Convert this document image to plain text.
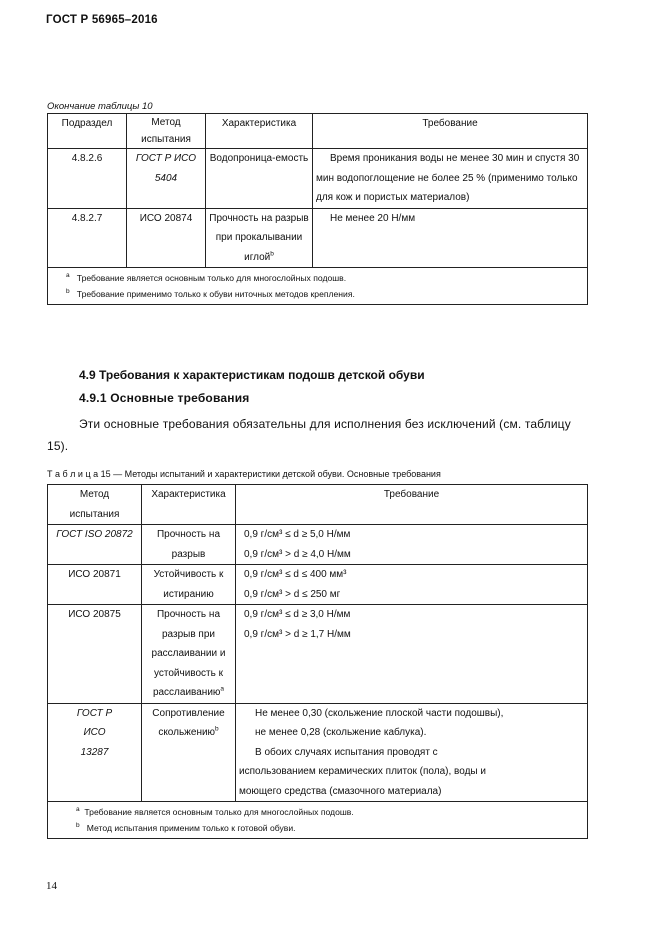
ГОСТ Р 56965–2016
Окончание таблицы 10
Подраздел	Метод испытания	Характеристика	Требование
4.8.2.6	ГОСТ Р ИСО 5404	Водопроница-емость	Время проникания воды не менее 30 мин и спустя 30 мин водопоглощение не более 25 % (применимо только для кож и пористых материалов)
4.8.2.7	ИСО 20874	Прочность на разрыв при прокалывании иглой$^b$	Не менее 20 Н/мм

$^a$ Требование является основным только для многослойных подошв.
$^b$ Требование применимо только к обуви ниточных методов крепления.			
4.9 Требования к характеристикам подошв детской обуви
4.9.1 Основные требования
Эти основные требования обязательны для исполнения без исключений (см. таблицу 15).
Т а б л и ц а 15 — Методы испытаний и характеристики детской обуви. Основные требования
Метод испытания	Характеристика	Требование
ГОСТ ISO 20872	Прочность на разрыв	0,9 г/см³ ≤ d ≥ 5,0 Н/мм
0,9 г/см³ > d ≥ 4,0 Н/мм

ИСО 20871	Устойчивость к истиранию	0,9 г/см³ ≤ d ≤ 400 мм³
0,9 г/см³ > d ≤ 250 мг

ИСО 20875	Прочность на разрыв при расслаивании и устойчивость к расслаиванию$^a$	0,9 г/см³ ≤ d ≥ 3,0 Н/мм
0,9 г/см³ > d ≥ 1,7 Н/мм

ГОСТ Р ИСО 13287	Сопротивление скольжению$^b$	Не менее 0,30 (скольжение плоской части подошвы),
не менее 0,28 (скольжение каблука).
В обоих случаях испытания проводят с использованием керамических плиток (пола), воды и моющего средства (смазочного материала)

$^a$ Требование является основным только для многослойных подошв.
$^b$ Метод испытания применим только к готовой обуви.		
14
